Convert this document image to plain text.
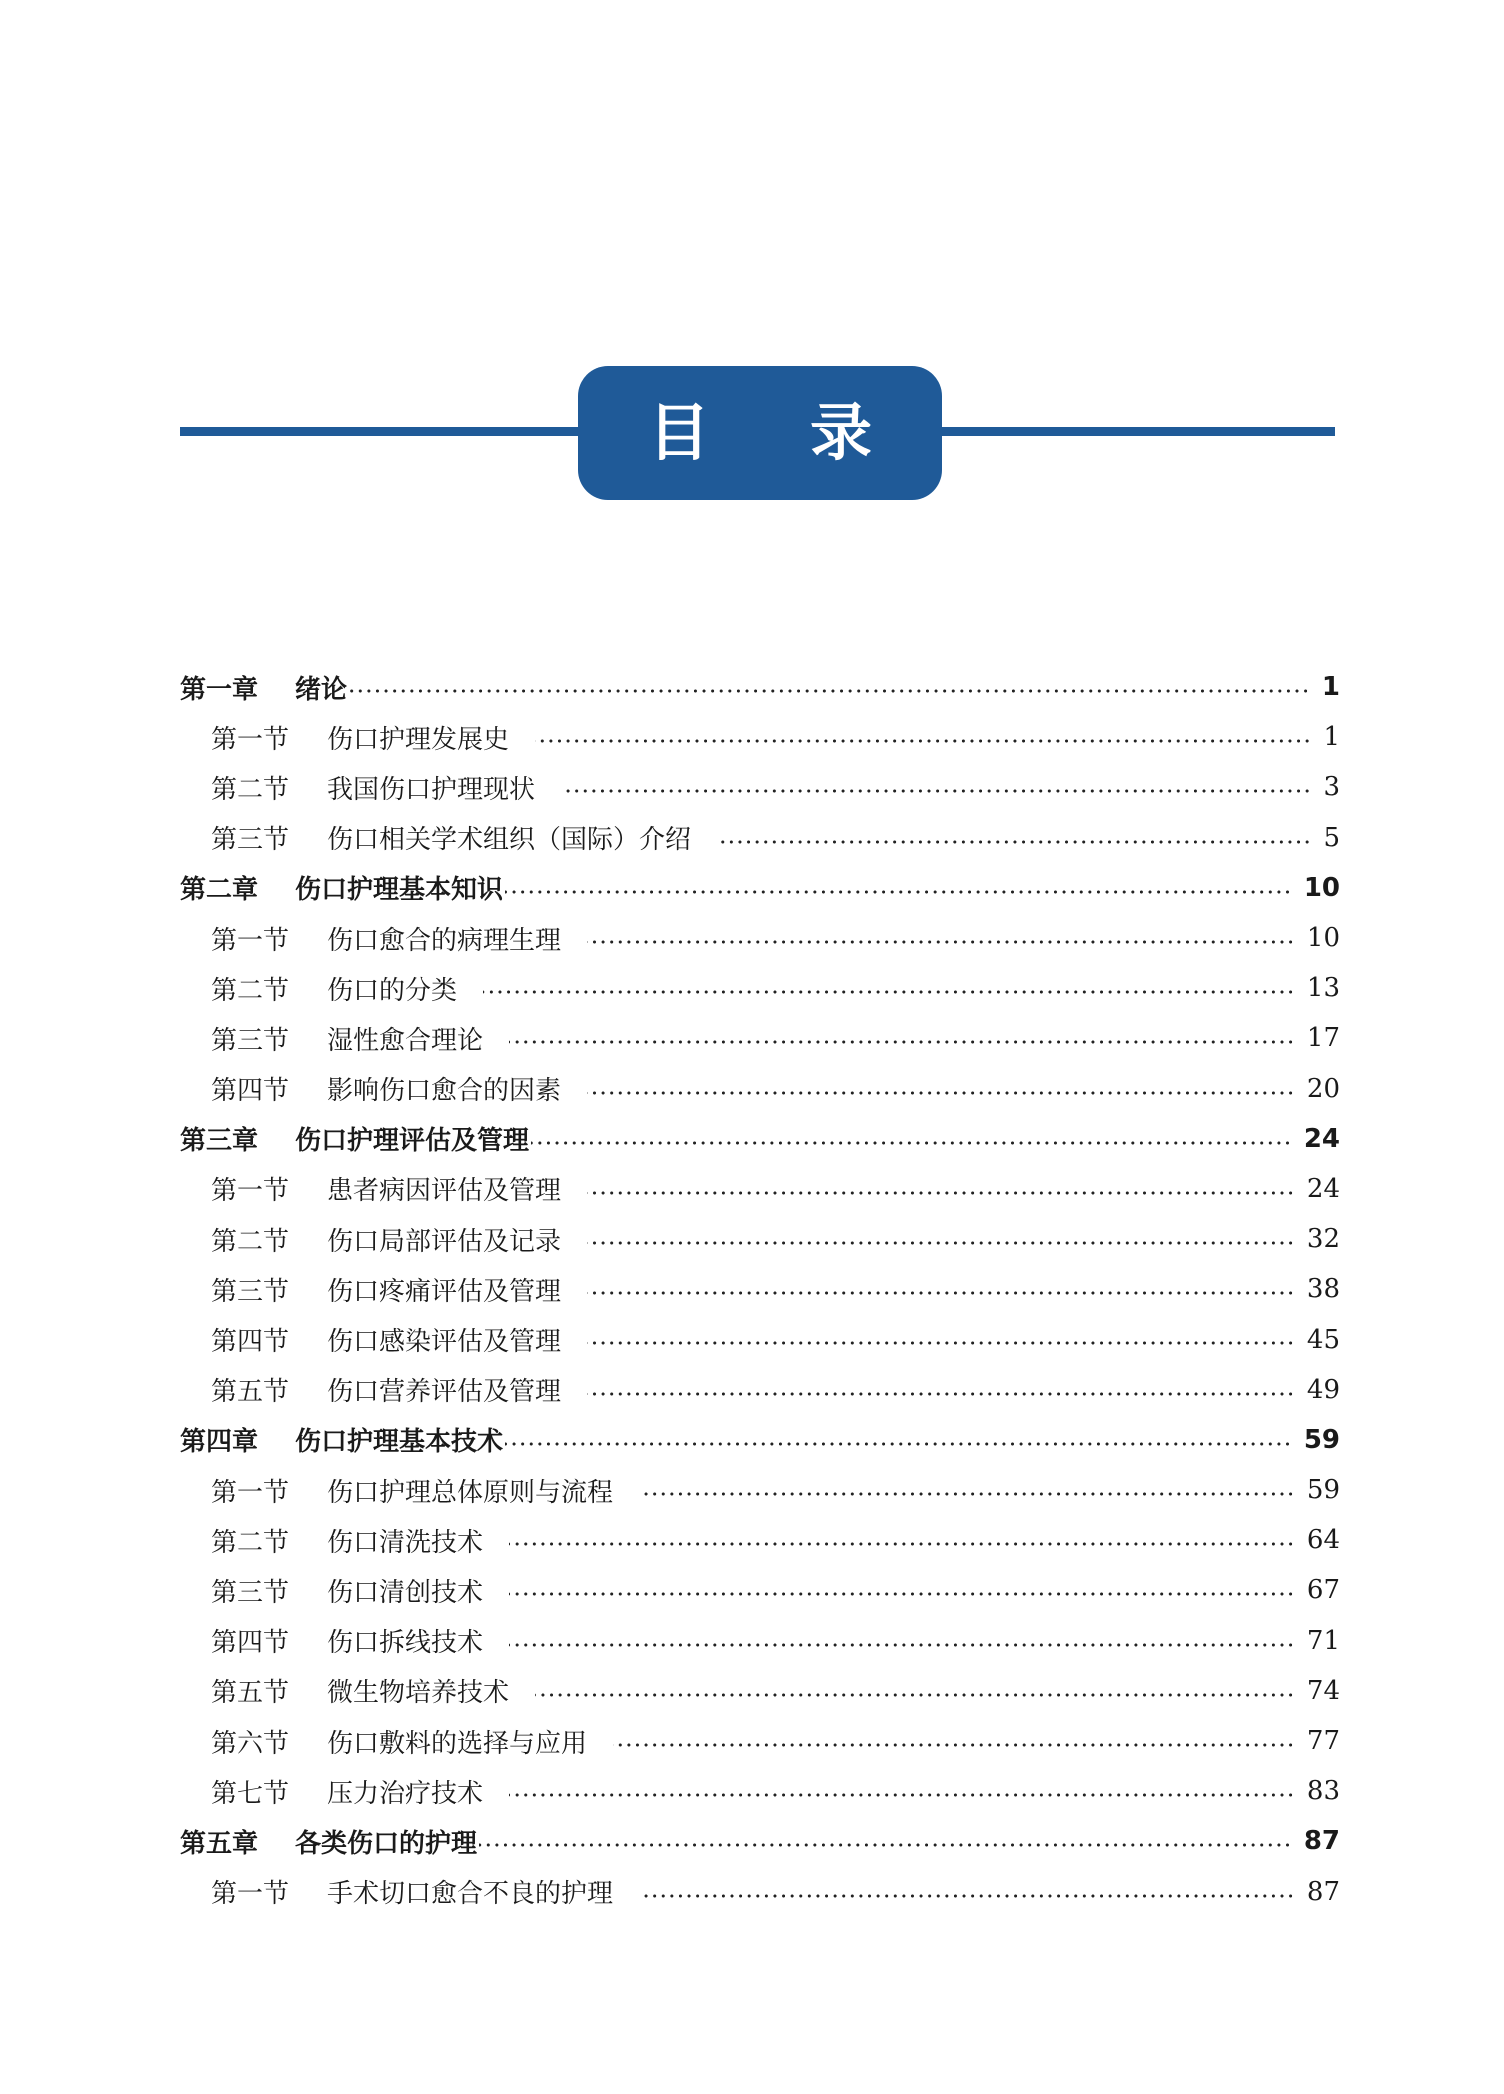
目 录
第一章 绪论	1
第一节 伤口护理发展史	1
第二节 我国伤口护理现状	3
第三节 伤口相关学术组织（国际）介绍	5
第二章 伤口护理基本知识	10
第一节 伤口愈合的病理生理	10
第二节 伤口的分类	13
第三节 湿性愈合理论	17
第四节 影响伤口愈合的因素	20
第三章 伤口护理评估及管理	24
第一节 患者病因评估及管理	24
第二节 伤口局部评估及记录	32
第三节 伤口疼痛评估及管理	38
第四节 伤口感染评估及管理	45
第五节 伤口营养评估及管理	49
第四章 伤口护理基本技术	59
第一节 伤口护理总体原则与流程	59
第二节 伤口清洗技术	64
第三节 伤口清创技术	67
第四节 伤口拆线技术	71
第五节 微生物培养技术	74
第六节 伤口敷料的选择与应用	77
第七节 压力治疗技术	83
第五章 各类伤口的护理	87
第一节 手术切口愈合不良的护理	87
